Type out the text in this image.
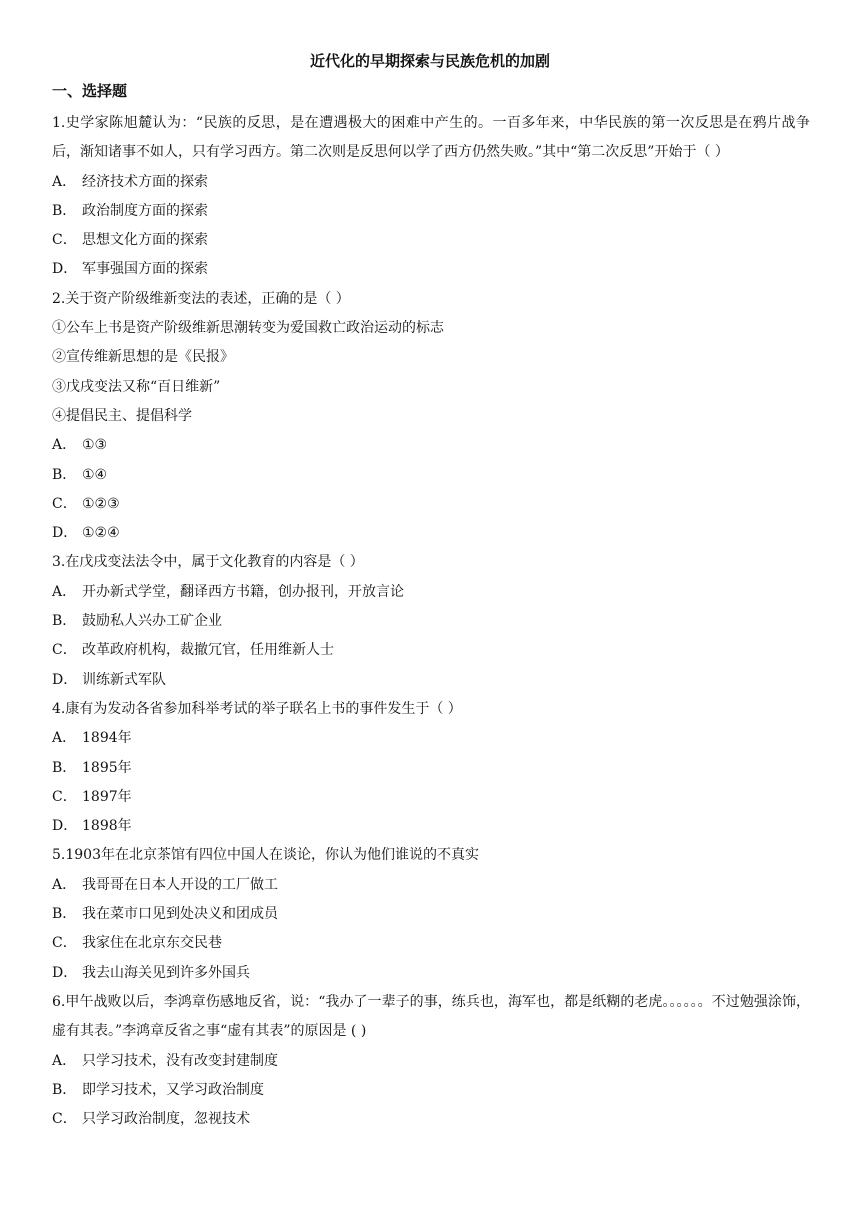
近代化的早期探索与民族危机的加剧
一、选择题

1.史学家陈旭麓认为：“民族的反思，是在遭遇极大的困难中产生的。一百多年来，中华民族的第一次反思是在鸦片战争后，渐知诸事不如人，只有学习西方。第二次则是反思何以学了西方仍然失败。”其中“第二次反思”开始于（ ）

A． 经济技术方面的探索

B． 政治制度方面的探索

C． 思想文化方面的探索

D． 军事强国方面的探索

2.关于资产阶级维新变法的表述，正确的是（ ）

①公车上书是资产阶级维新思潮转变为爱国救亡政治运动的标志

②宣传维新思想的是《民报》

③戊戌变法又称“百日维新”

④提倡民主、提倡科学

A． ①③

B． ①④

C． ①②③

D． ①②④

3.在戊戌变法法令中，属于文化教育的内容是（ ）

A． 开办新式学堂，翻译西方书籍，创办报刊，开放言论

B． 鼓励私人兴办工矿企业

C． 改革政府机构，裁撤冗官，任用维新人士

D． 训练新式军队

4.康有为发动各省参加科举考试的举子联名上书的事件发生于（ ）

A． 1894年

B． 1895年

C． 1897年

D． 1898年

5.1903年在北京茶馆有四位中国人在谈论，你认为他们谁说的不真实

A． 我哥哥在日本人开设的工厂做工

B． 我在菜市口见到处决义和团成员

C． 我家住在北京东交民巷

D． 我去山海关见到许多外国兵

6.甲午战败以后，李鸿章伤感地反省，说：“我办了一辈子的事，练兵也，海军也，都是纸糊的老虎。。。。。。不过勉强涂饰，虚有其表。”李鸿章反省之事“虚有其表”的原因是 ( )

A． 只学习技术，没有改变封建制度

B． 即学习技术，又学习政治制度

C． 只学习政治制度，忽视技术
